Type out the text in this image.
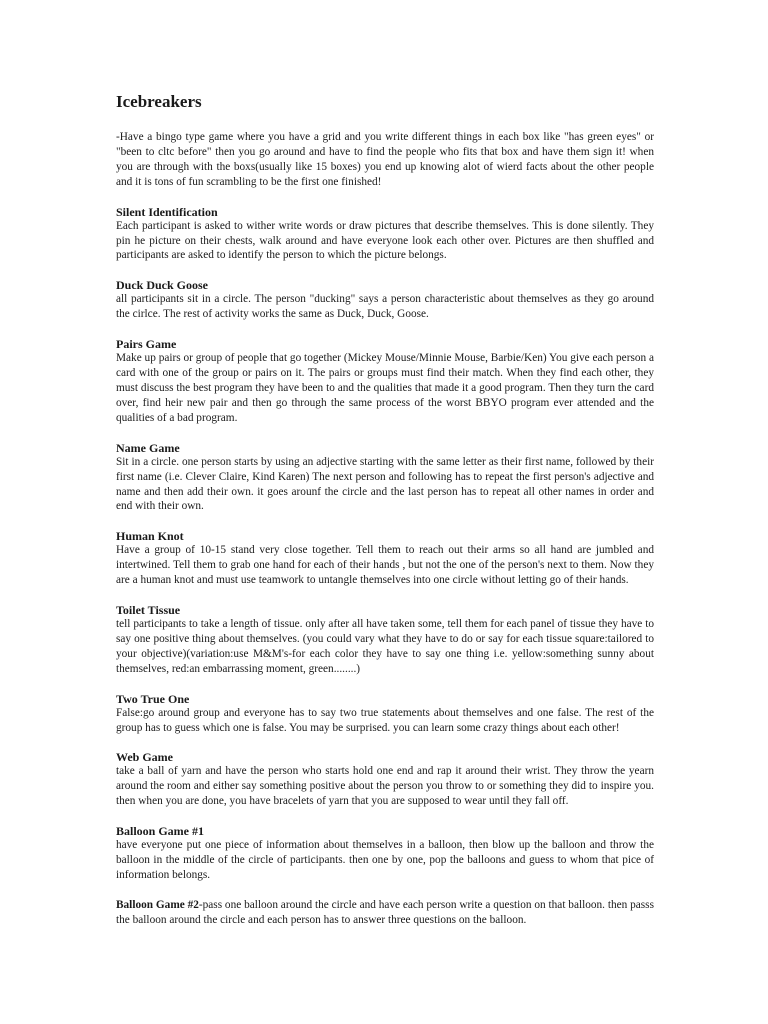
Icebreakers

-Have a bingo type game where you have a grid and you write different things in each box like "has green eyes" or "been to cltc before" then you go around and have to find the people who fits that box and have them sign it! when you are through with the boxs(usually like 15 boxes) you end up knowing alot of wierd facts about the other people and it is tons of fun scrambling to be the first one finished!

Silent Identification

Each participant is asked to wither write words or draw pictures that describe themselves. This is done silently. They pin he picture on their chests, walk around and have everyone look each other over. Pictures are then shuffled and participants are asked to identify the person to which the picture belongs.

Duck Duck Goose

all participants sit in a circle. The person "ducking" says a person characteristic about themselves as they go around the cirlce. The rest of activity works the same as Duck, Duck, Goose.

Pairs Game

Make up pairs or group of people that go together (Mickey Mouse/Minnie Mouse, Barbie/Ken) You give each person a card with one of the group or pairs on it. The pairs or groups must find their match. When they find each other, they must discuss the best program they have been to and the qualities that made it a good program. Then they turn the card over, find heir new pair and then go through the same process of the worst BBYO program ever attended and the qualities of a bad program.

Name Game

Sit in a circle. one person starts by using an adjective starting with the same letter as their first name, followed by their first name (i.e. Clever Claire, Kind Karen) The next person and following has to repeat the first person's adjective and name and then add their own. it goes arounf the circle and the last person has to repeat all other names in order and end with their own.

Human Knot

Have a group of 10-15 stand very close together. Tell them to reach out their arms so all hand are jumbled and intertwined. Tell them to grab one hand for each of their hands , but not the one of the person's next to them. Now they are a human knot and must use teamwork to untangle themselves into one circle without letting go of their hands.

Toilet Tissue

tell participants to take a length of tissue. only after all have taken some, tell them for each panel of tissue they have to say one positive thing about themselves. (you could vary what they have to do or say for each tissue square:tailored to your objective)(variation:use M&M's-for each color they have to say one thing i.e. yellow:something sunny about themselves, red:an embarrassing moment, green........)

Two True One

False:go around group and everyone has to say two true statements about themselves and one false. The rest of the group has to guess which one is false. You may be surprised. you can learn some crazy things about each other!

Web Game

take a ball of yarn and have the person who starts hold one end and rap it around their wrist. They throw the yearn around the room and either say something positive about the person you throw to or something they did to inspire you. then when you are done, you have bracelets of yarn that you are supposed to wear until they fall off.

Balloon Game #1

have everyone put one piece of information about themselves in a balloon, then blow up the balloon and throw the balloon in the middle of the circle of participants. then one by one, pop the balloons and guess to whom that pice of information belongs.

Balloon Game #2-pass one balloon around the circle and have each person write a question on that balloon. then passs the balloon around the circle and each person has to answer three questions on the balloon.
